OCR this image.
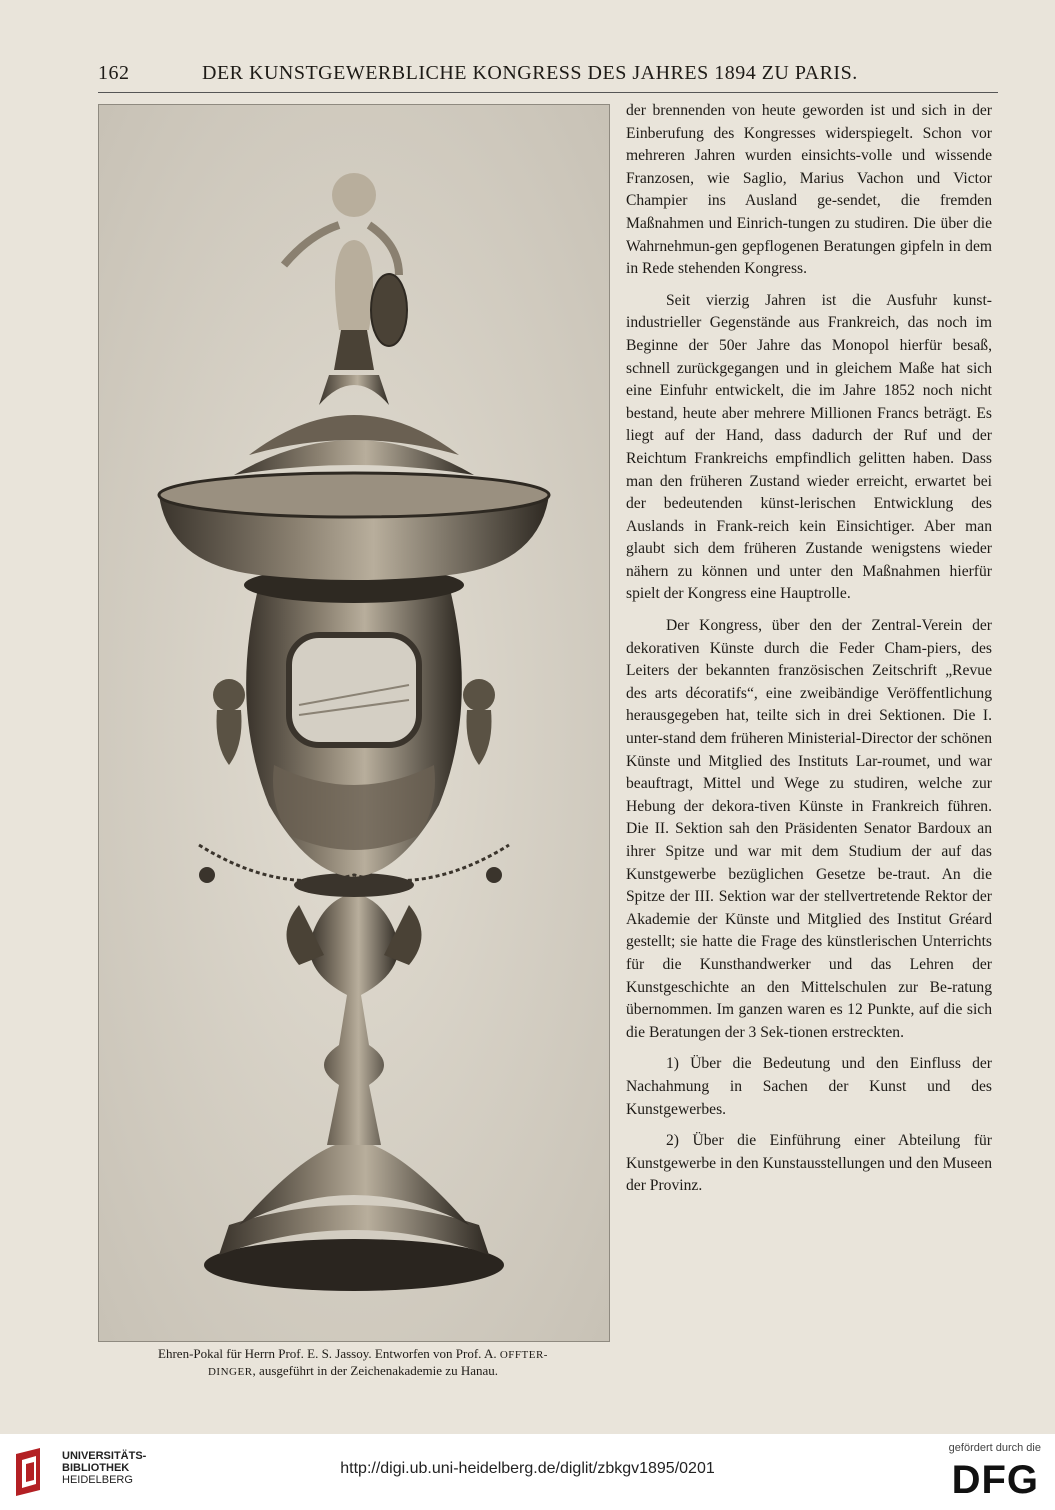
162	DER KUNSTGEWERBLICHE KONGRESS DES JAHRES 1894 ZU PARIS.
Ehren-Pokal für Herrn Prof. E. S. Jassoy. Entworfen von Prof. A. OFFTER-
DINGER, ausgeführt in der Zeichenakademie zu Hanau.

der brennenden von heute geworden ist und sich in der Einberufung des Kongresses widerspiegelt. Schon vor mehreren Jahren wurden einsichts-volle und wissende Franzosen, wie Saglio, Marius Vachon und Victor Champier ins Ausland ge-sendet, die fremden Maßnahmen und Einrich-tungen zu studiren. Die über die Wahrnehmun-gen gepflogenen Beratungen gipfeln in dem in Rede stehenden Kongress.

Seit vierzig Jahren ist die Ausfuhr kunst-industrieller Gegenstände aus Frankreich, das noch im Beginne der 50er Jahre das Monopol hierfür besaß, schnell zurückgegangen und in gleichem Maße hat sich eine Einfuhr entwickelt, die im Jahre 1852 noch nicht bestand, heute aber mehrere Millionen Francs beträgt. Es liegt auf der Hand, dass dadurch der Ruf und der Reichtum Frankreichs empfindlich gelitten haben. Dass man den früheren Zustand wieder erreicht, erwartet bei der bedeutenden künst-lerischen Entwicklung des Auslands in Frank-reich kein Einsichtiger. Aber man glaubt sich dem früheren Zustande wenigstens wieder nähern zu können und unter den Maßnahmen hierfür spielt der Kongress eine Hauptrolle.

Der Kongress, über den der Zentral-Verein der dekorativen Künste durch die Feder Cham-piers, des Leiters der bekannten französischen Zeitschrift „Revue des arts décoratifs“, eine zweibändige Veröffentlichung herausgegeben hat, teilte sich in drei Sektionen. Die I. unter-stand dem früheren Ministerial-Director der schönen Künste und Mitglied des Instituts Lar-roumet, und war beauftragt, Mittel und Wege zu studiren, welche zur Hebung der dekora-tiven Künste in Frankreich führen. Die II. Sektion sah den Präsidenten Senator Bardoux an ihrer Spitze und war mit dem Studium der auf das Kunstgewerbe bezüglichen Gesetze be-traut. An die Spitze der III. Sektion war der stellvertretende Rektor der Akademie der Künste und Mitglied des Institut Gréard gestellt; sie hatte die Frage des künstlerischen Unterrichts für die Kunsthandwerker und das Lehren der Kunstgeschichte an den Mittelschulen zur Be-ratung übernommen. Im ganzen waren es 12 Punkte, auf die sich die Beratungen der 3 Sek-tionen erstreckten.

1) Über die Bedeutung und den Einfluss der Nachahmung in Sachen der Kunst und des Kunstgewerbes.

2) Über die Einführung einer Abteilung für Kunstgewerbe in den Kunstausstellungen und den Museen der Provinz.

UNIVERSITÄTS-
BIBLIOTHEK
HEIDELBERG
http://digi.ub.uni-heidelberg.de/diglit/zbkgv1895/0201
gefördert durch die
DFG
